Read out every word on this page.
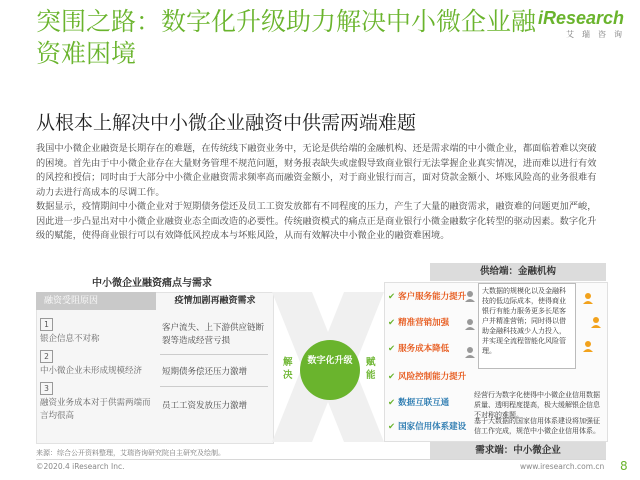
突围之路：数字化升级助力解决中小微企业融资难困境
iResearch
艾瑞咨询
从根本上解决中小微企业融资中供需两端难题

我国中小微企业融资是长期存在的难题，在传统线下融资业务中，无论是供给端的金融机构、还是需求端的中小微企业，都面临着难以突破的困境。首先由于中小微企业存在大量财务管理不规范问题，财务报表缺失或虚假导致商业银行无法掌握企业真实情况，进而难以进行有效的风控和授信；同时由于大部分中小微企业融资需求频率高而融资金额小，对于商业银行而言，面对贷款金额小、坏账风险高的业务很难有动力去进行高成本的尽调工作。

数据显示，疫情期间中小微企业对于短期债务偿还及员工工资发放都有不同程度的压力，产生了大量的融资需求，融资难的问题更加严峻，因此进一步凸显出对中小微企业融资业态全面改造的必要性。传统融资模式的痛点正是商业银行小微金融数字化转型的驱动因素。数字化升级的赋能，使得商业银行可以有效降低风控成本与坏账风险，从而有效解决中小微企业的融资难困境。

中小微企业融资痛点与需求
融资受阻原因	疫情加剧再融资需求
1
银企信息不对称
2
中小微企业未形成规模经济
3
融资业务成本对于供需两端而言均很高
客户流失、上下游供应链断裂等造成经营亏损
短期债务偿还压力激增
员工工资发放压力激增
解决
赋能
数字化升级
供给端：金融机构
✔ 客户服务能力提升
✔ 精准营销加强
✔ 服务成本降低
✔ 风险控制能力提升
✔ 数据互联互通
✔ 国家信用体系建设
大数据的规模化以及金融科技的低边际成本，使得商业银行有能力服务更多长尾客户并精准营销；同时得以借助金融科技减少人力投入，并实现全流程智能化风险管理。
经营行为数字化使得中小微企业信用数据质量、透明程度提高，极大缓解银企信息不对称的难题。
基于大数据的国家信用体系建设将加强征信工作完成，规范中小微企业信用体系。
需求端：中小微企业
来源：综合公开资料整理，艾瑞咨询研究院自主研究及绘制。
©2020.4 iResearch Inc.	www.iresearch.com.cn 8
